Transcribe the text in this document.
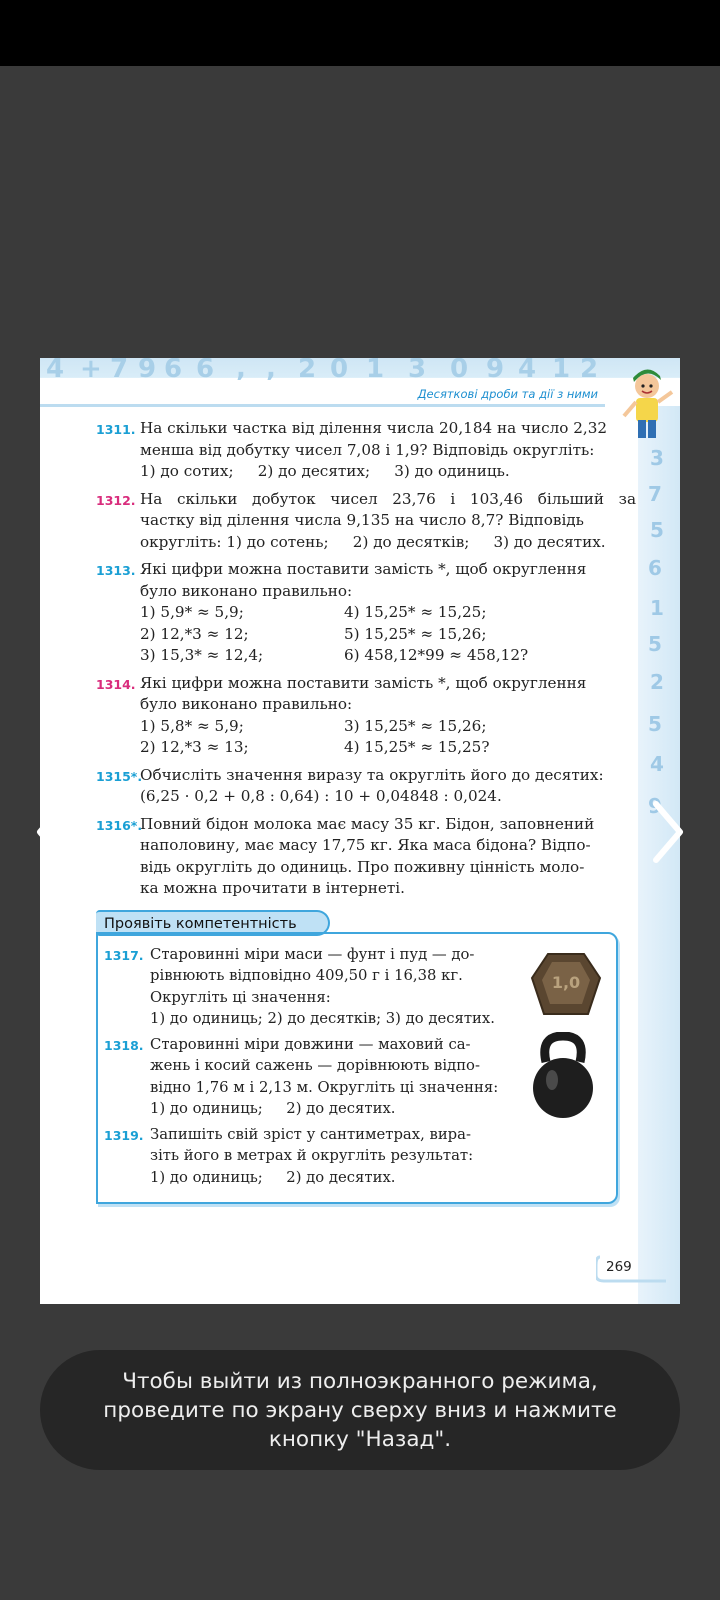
4 + 7 9 6 6 , , 2 0 1 3 0 9 4 1 2
Десяткові дроби та дії з ними
3
7
5
6
1
5
2
5
4
9
1311. На скільки частка від ділення числа 20,184 на число 2,32
менша від добутку чисел 7,08 і 1,9? Відповідь округліть:
1) до сотих;     2) до десятих;     3) до одиниць.
1312. На скільки добуток чисел 23,76 і 103,46 більший за
частку від ділення числа 9,135 на число 8,7? Відповідь
округліть: 1) до сотень;     2) до десятків;     3) до десятих.
1313. Які цифри можна поставити замість *, щоб округлення
було виконано правильно:
1) 5,9* ≈ 5,9;	4) 15,25* ≈ 15,25;
2) 12,*3 ≈ 12;	5) 15,25* ≈ 15,26;
3) 15,3* ≈ 12,4;	6) 458,12*99 ≈ 458,12?
1314. Які цифри можна поставити замість *, щоб округлення
було виконано правильно:
1) 5,8* ≈ 5,9;	3) 15,25* ≈ 15,26;
2) 12,*3 ≈ 13;	4) 15,25* ≈ 15,25?
1315*.
Обчисліть значення виразу та округліть його до десятих:
(6,25 · 0,2 + 0,8 : 0,64) : 10 + 0,04848 : 0,024.
1316*.
Повний бідон молока має масу 35 кг. Бідон, заповнений
наполовину, має масу 17,75 кг. Яка маса бідона? Відпо-
відь округліть до одиниць. Про поживну цінність моло-
ка можна прочитати в інтернеті.
Проявіть компетентність
1317. Старовинні міри маси — фунт і пуд — до-
рівнюють відповідно 409,50 г і 16,38 кг.
Округліть ці значення:
1) до одиниць; 2) до десятків; 3) до десятих.
1318. Старовинні міри довжини — маховий са-
жень і косий сажень — дорівнюють відпо-
відно 1,76 м і 2,13 м. Округліть ці значення:
1) до одиниць;     2) до десятих.
1319. Запишіть свій зріст у сантиметрах, вира-
зіть його в метрах й округліть результат:
1) до одиниць;     2) до десятих.
1,0
269
Чтобы выйти из полноэкранного режима,
проведите по экрану сверху вниз и нажмите
кнопку "Назад".
